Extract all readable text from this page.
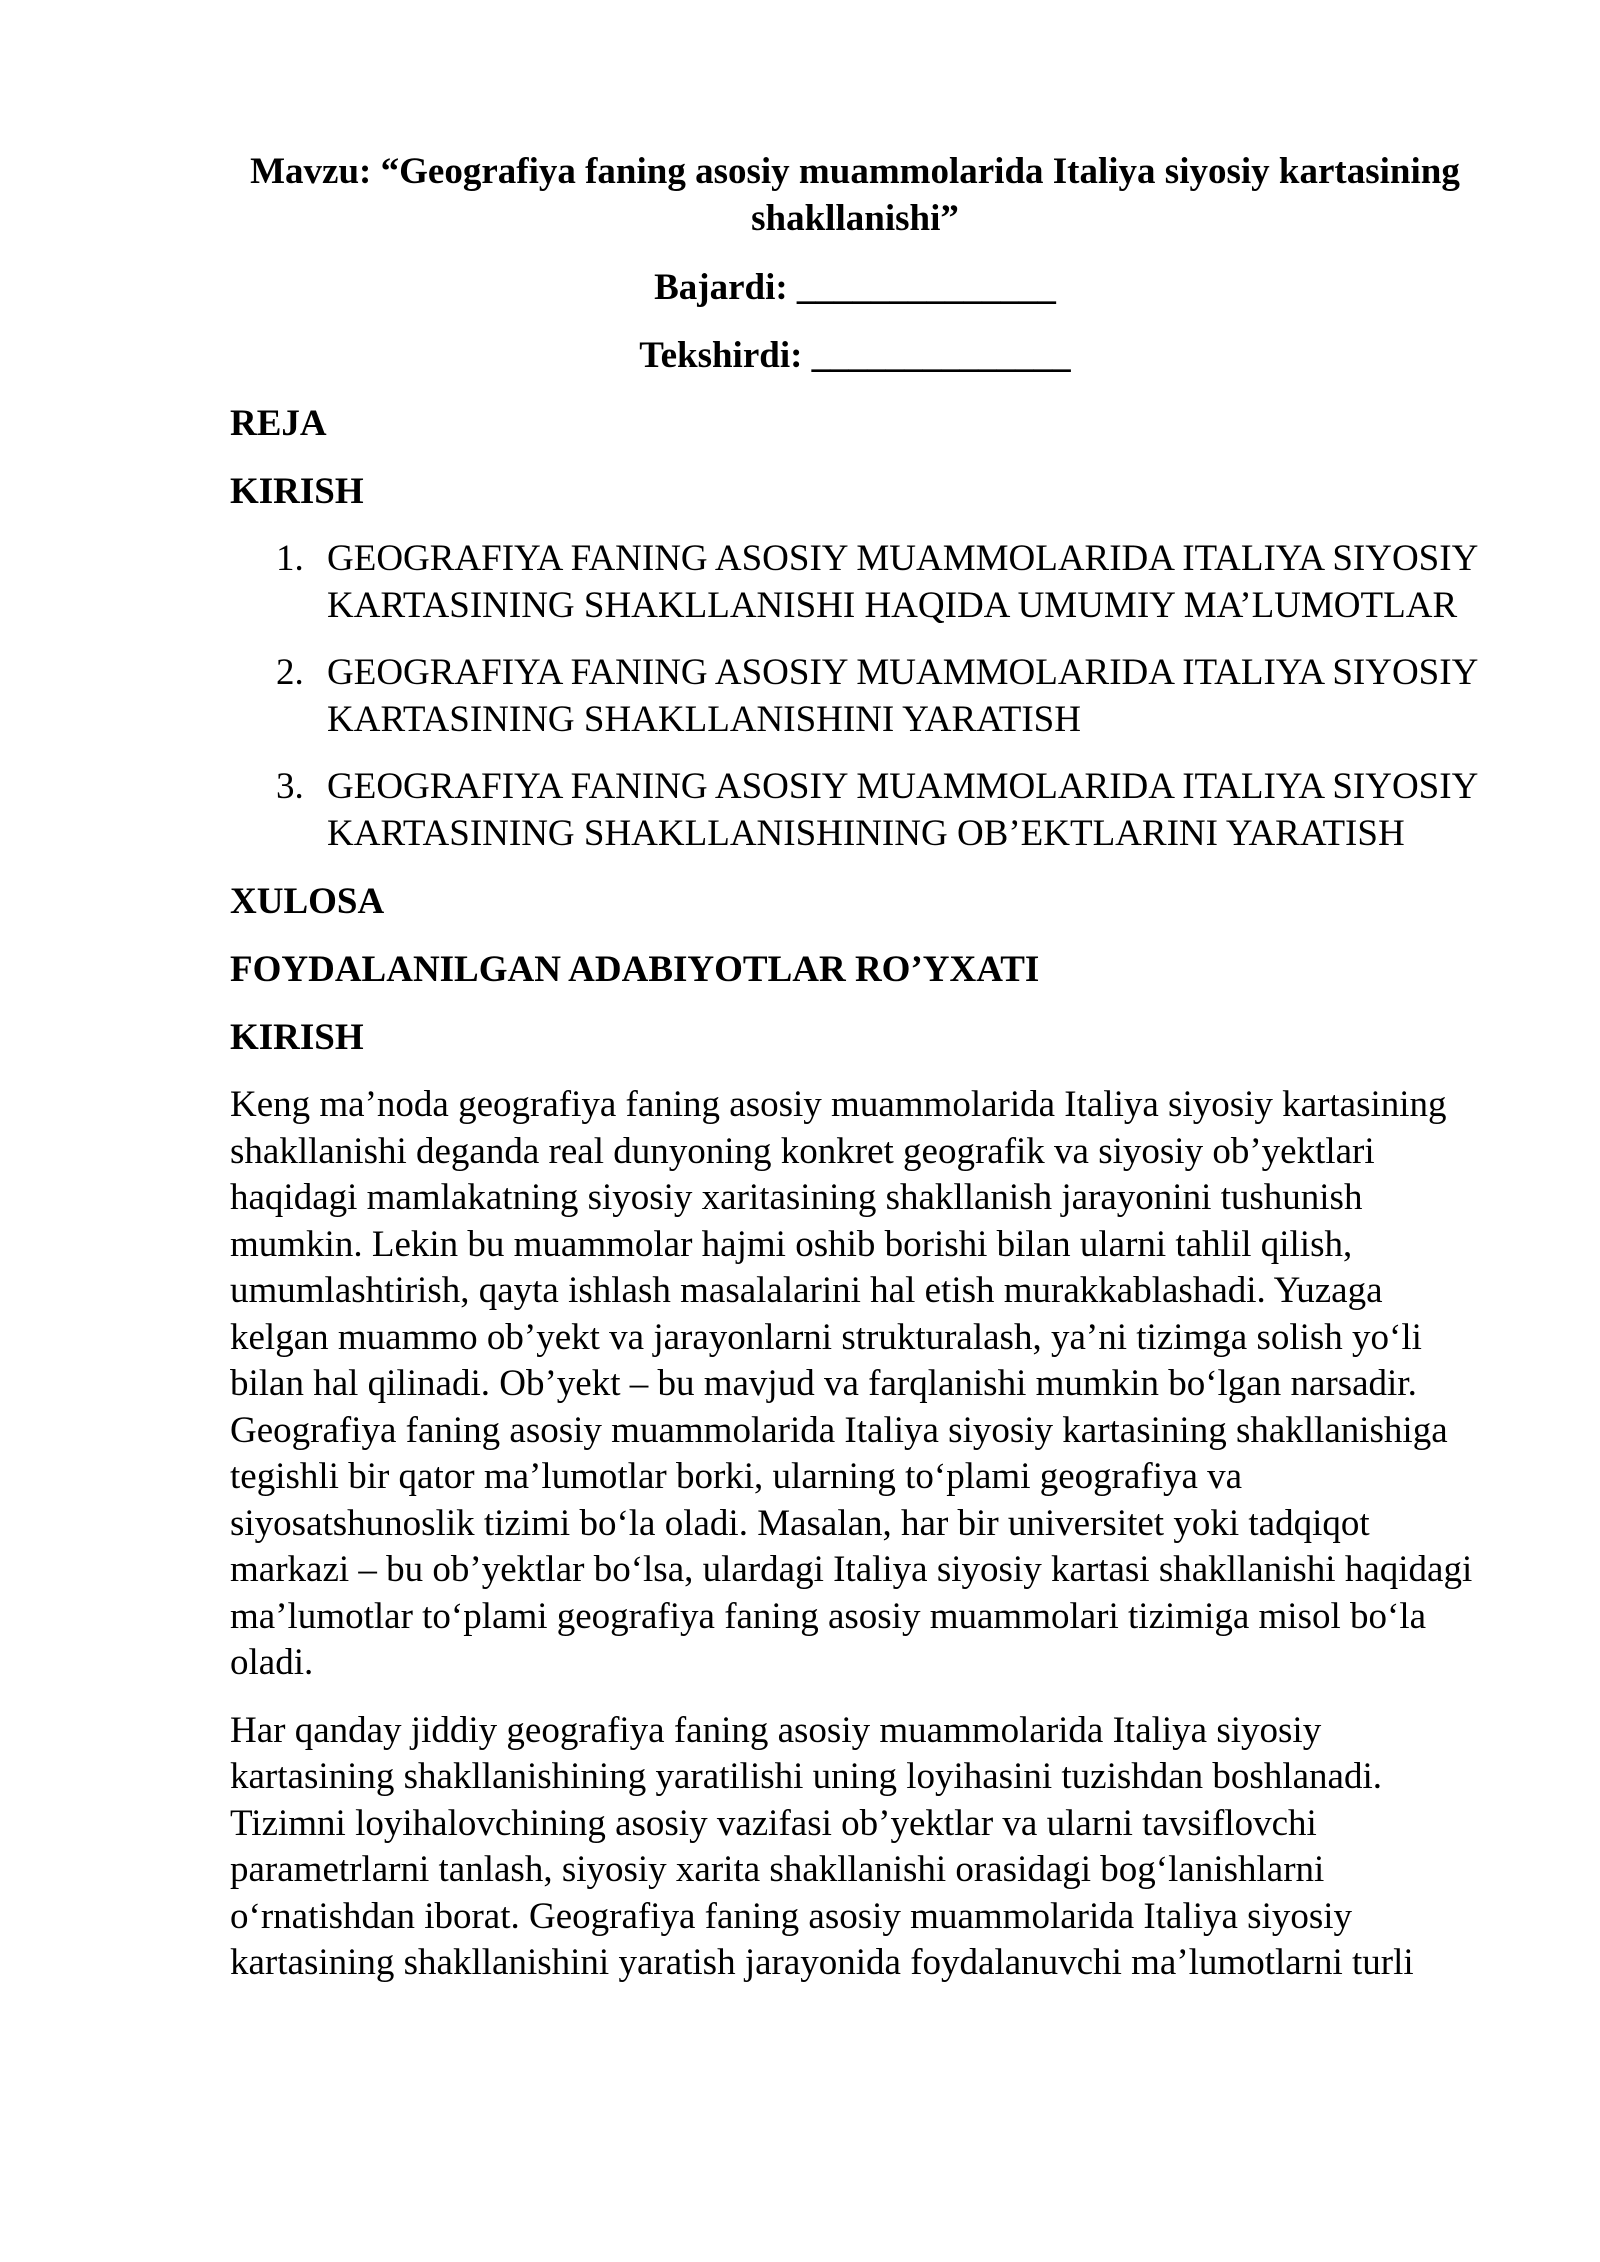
Mavzu: “Geografiya faning asosiy muammolarida Italiya siyosiy kartasining shakllanishi”
Bajardi: ______________
Tekshirdi: ______________
REJA
KIRISH
1. GEOGRAFIYA FANING ASOSIY MUAMMOLARIDA ITALIYA SIYOSIY KARTASINING SHAKLLANISHI HAQIDA UMUMIY MA’LUMOTLAR
2. GEOGRAFIYA FANING ASOSIY MUAMMOLARIDA ITALIYA SIYOSIY KARTASINING SHAKLLANISHINI YARATISH
3. GEOGRAFIYA FANING ASOSIY MUAMMOLARIDA ITALIYA SIYOSIY KARTASINING SHAKLLANISHINING OB’EKTLARINI YARATISH
XULOSA
FOYDALANILGAN ADABIYOTLAR RO’YXATI
KIRISH

Keng ma’noda geografiya faning asosiy muammolarida Italiya siyosiy kartasining shakllanishi deganda real dunyoning konkret geografik va siyosiy ob’yektlari haqidagi mamlakatning siyosiy xaritasining shakllanish jarayonini tushunish mumkin. Lekin bu muammolar hajmi oshib borishi bilan ularni tahlil qilish, umumlashtirish, qayta ishlash masalalarini hal etish murakkablashadi. Yuzaga kelgan muammo ob’yekt va jarayonlarni strukturalash, ya’ni tizimga solish yo‘li bilan hal qilinadi. Ob’yekt – bu mavjud va farqlanishi mumkin bo‘lgan narsadir. Geografiya faning asosiy muammolarida Italiya siyosiy kartasining shakllanishiga tegishli bir qator ma’lumotlar borki, ularning to‘plami geografiya va siyosatshunoslik tizimi bo‘la oladi. Masalan, har bir universitet yoki tadqiqot markazi – bu ob’yektlar bo‘lsa, ulardagi Italiya siyosiy kartasi shakllanishi haqidagi ma’lumotlar to‘plami geografiya faning asosiy muammolari tizimiga misol bo‘la oladi.

Har qanday jiddiy geografiya faning asosiy muammolarida Italiya siyosiy kartasining shakllanishining yaratilishi uning loyihasini tuzishdan boshlanadi. Tizimni loyihalovchining asosiy vazifasi ob’yektlar va ularni tavsiflovchi parametrlarni tanlash, siyosiy xarita shakllanishi orasidagi bog‘lanishlarni o‘rnatishdan iborat. Geografiya faning asosiy muammolarida Italiya siyosiy kartasining shakllanishini yaratish jarayonida foydalanuvchi ma’lumotlarni turli
